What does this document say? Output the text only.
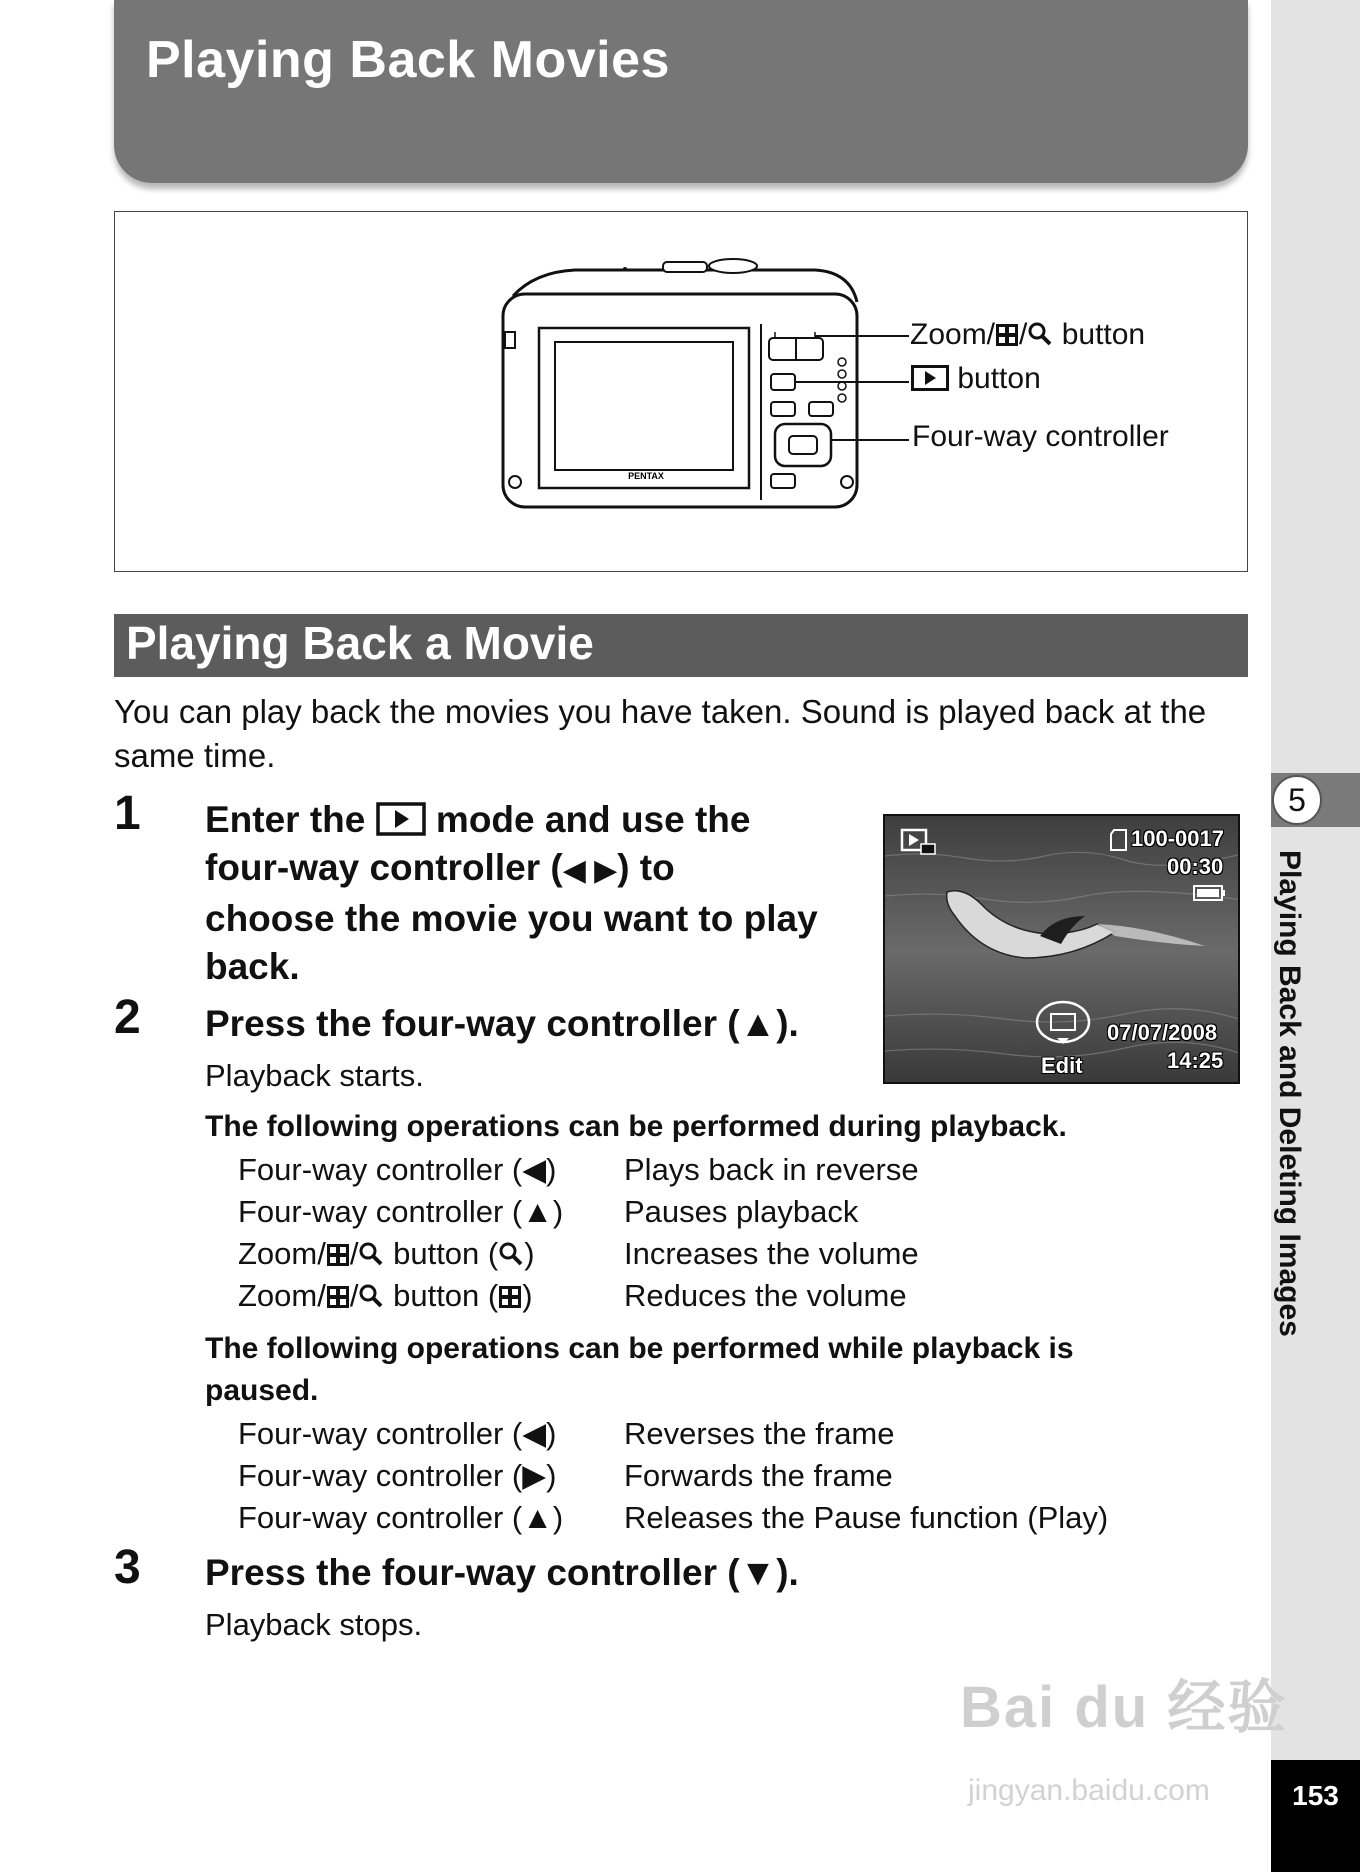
5
Playing Back and Deleting Images
Bai du 经验
jingyan.baidu.com	153
Playing Back Movies
PENTAX
Zoom/ / button
button
Four-way controller
Playing Back a Movie
You can play back the movies you have taken. Sound is played back at the same time.
1 Enter the mode and use the
four-way controller (◀ ▶) to
choose the movie you want to play
back.
100-0017
00:30
07/07/2008
14:25
Edit
2 Press the four-way controller (▲).
Playback starts.
The following operations can be performed during playback.
Four-way controller (◀) Plays back in reverse
Four-way controller (▲) Pauses playback
Zoom/ / button ( )	Increases the volume
Zoom/ / button ( )	Reduces the volume
The following operations can be performed while playback is
paused.
Four-way controller (◀) Reverses the frame
Four-way controller (▶) Forwards the frame
Four-way controller (▲) Releases the Pause function (Play)
3 Press the four-way controller (▼).
Playback stops.
